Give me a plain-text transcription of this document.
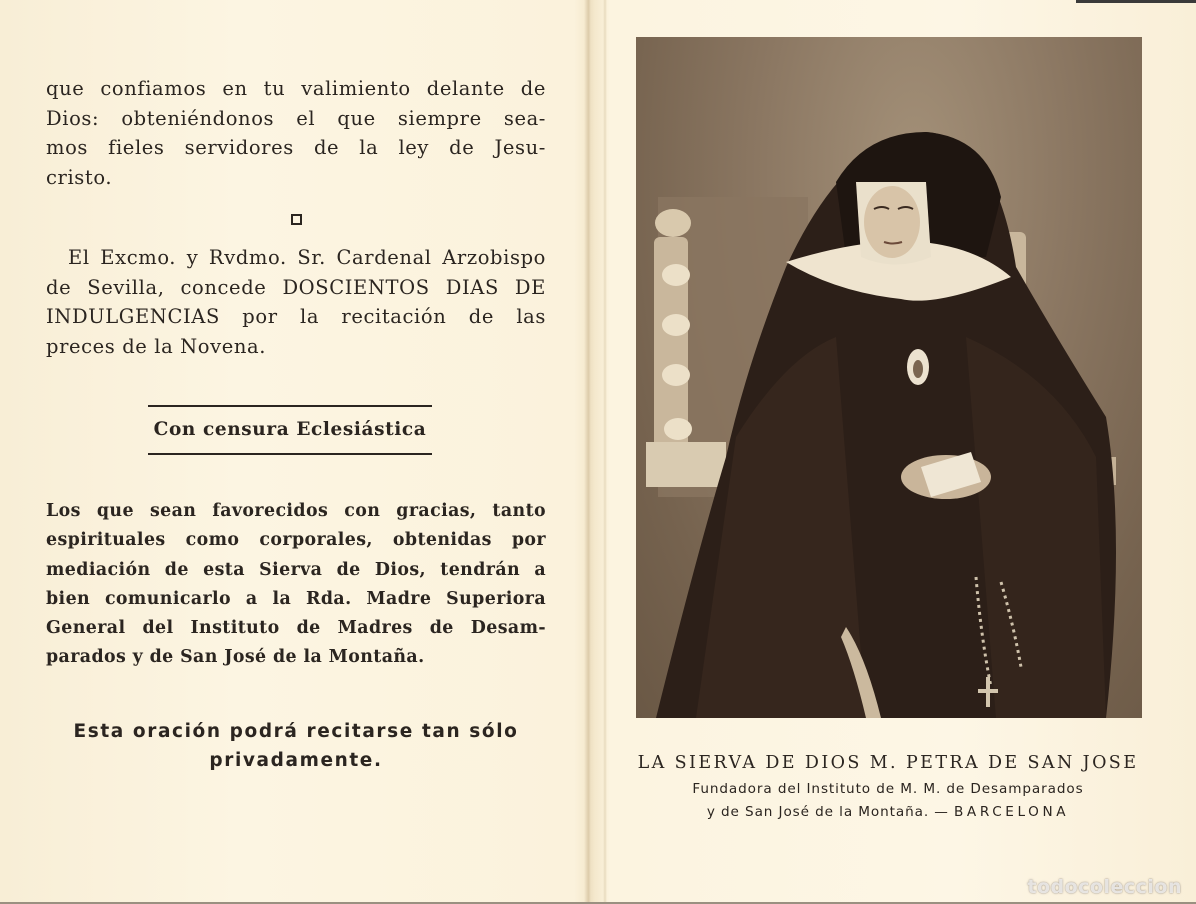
que confiamos en tu valimiento delante de
Dios: obteniéndonos el que siempre sea-
mos fieles servidores de la ley de Jesu-
cristo.

El Excmo. y Rvdmo. Sr. Cardenal Arzobispo
de Sevilla, concede DOSCIENTOS DIAS DE
INDULGENCIAS por la recitación de las
preces de la Novena.

Con censura Eclesiástica
Los que sean favorecidos con gracias, tanto
espirituales como corporales, obtenidas por
mediación de esta Sierva de Dios, tendrán a
bien comunicarlo a la Rda. Madre Superiora
General del Instituto de Madres de Desam-
parados y de San José de la Montaña.
Esta oración podrá recitarse tan sólo
privadamente.	LA SIERVA DE DIOS M. PETRA DE SAN JOSE
Fundadora del Instituto de M. M. de Desamparados
y de San José de la Montaña. — BARCELONA
todocoleccion
